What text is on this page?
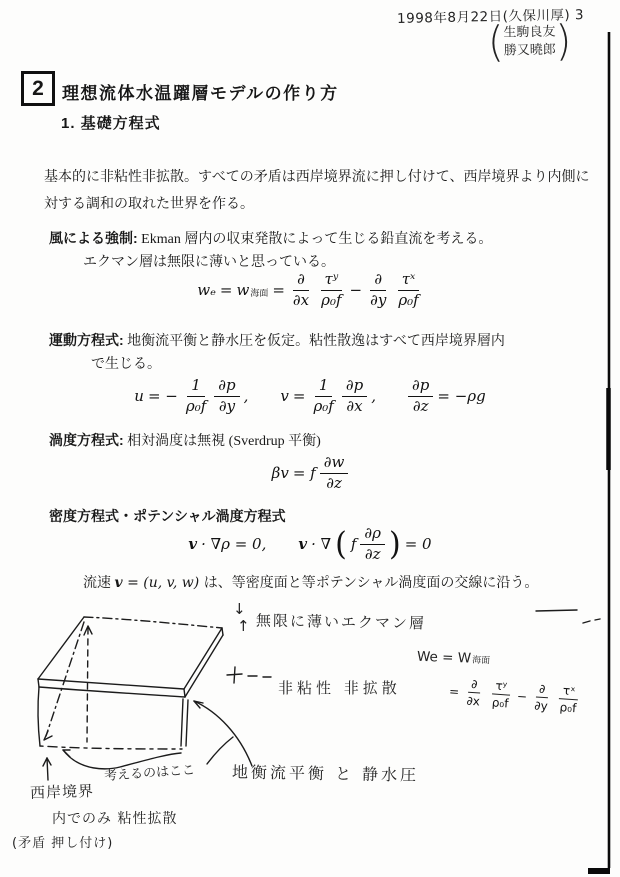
1998年8月22日(久保川厚) 3
( 生駒良友
勝又曉郎 )
2	理想流体水温躍層モデルの作り方
1. 基礎方程式
基本的に非粘性非拡散。すべての矛盾は西岸境界流に押し付けて、西岸境界より内側に対する調和の取れた世界を作る。
風による強制: Ekman 層内の収束発散によって生じる鉛直流を考える。
エクマン層は無限に薄いと思っている。
wₑ = w 海面 = $\frac{\partial}{\partial x} \frac{\text{τʸ}}{\text{ρ₀f}} - \frac{\partial}{\partial y} \frac{\text{τˣ}}{\text{ρ₀f}}$
運動方程式: 地衡流平衡と静水圧を仮定。粘性散逸はすべて西岸境界層内
で生じる。
u = − $\frac{1}{\text{ρ₀f}} \frac{\partial p}{\partial y}$ , $v = \frac{1}{\text{ρ₀f}} \frac{\partial p}{\partial x}$ , $\frac{\partial p}{\partial z} = -\rho g$
渦度方程式: 相対渦度は無視 (Sverdrup 平衡)
βv = f $\frac{\partial w}{\partial z}$
密度方程式・ポテンシャル渦度方程式
v · ∇ρ = 0, v · ∇ ( f $\frac{\partial\rho}{\partial z}$ ) = 0
流速 v = (u, v, w) は、等密度面と等ポテンシャル渦度面の交線に沿う。
↓
↑ 無限に薄いエクマン層
We = W海面
= $\frac{\partial}{\partial x} \frac{\text{τʸ}}{\text{ρ₀f}} - \frac{\partial}{\partial y} \frac{\text{τˣ}}{\text{ρ₀f}}$
非粘性 非拡散
考えるのはここ 地衡流平衡 と 静水圧
西岸境界
内でのみ 粘性拡散
(矛盾 押し付け)
